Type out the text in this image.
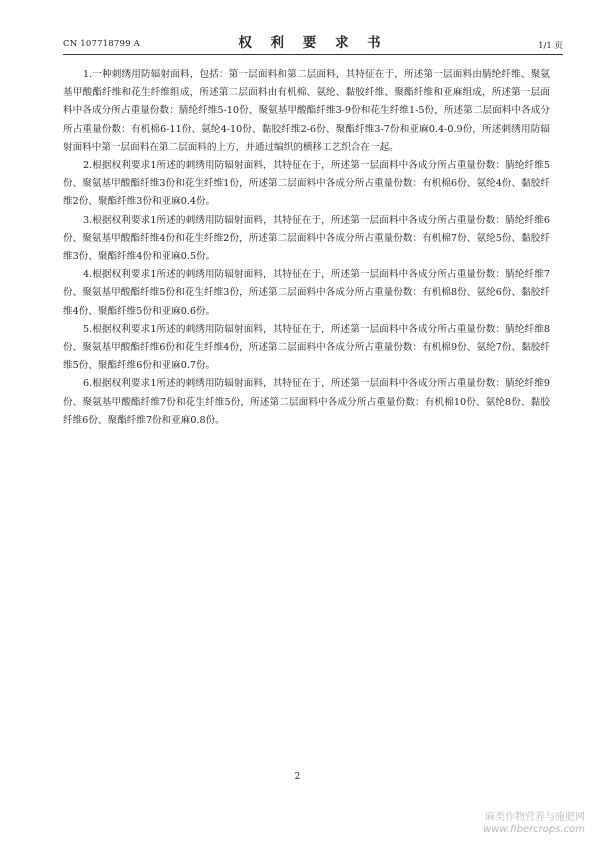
CN 107718799 A	权 利 要 求 书	1/1 页

1.一种刺绣用防辐射面料，包括：第一层面料和第二层面料，其特征在于，所述第一层面料由腈纶纤维、聚氨基甲酸酯纤维和花生纤维组成，所述第二层面料由有机棉、氨纶、黏胶纤维、聚酯纤维和亚麻组成，所述第一层面料中各成分所占重量份数：腈纶纤维5-10份、聚氨基甲酸酯纤维3-9份和花生纤维1-5份，所述第二层面料中各成分所占重量份数：有机棉6-11份、氨纶4-10份、黏胶纤维2-6份、聚酯纤维3-7份和亚麻0.4-0.9份，所述刺绣用防辐射面料中第一层面料在第二层面料的上方，并通过编织的横移工艺织合在一起。

2.根据权利要求1所述的刺绣用防辐射面料，其特征在于，所述第一层面料中各成分所占重量份数：腈纶纤维5份、聚氨基甲酸酯纤维3份和花生纤维1份，所述第二层面料中各成分所占重量份数：有机棉6份、氨纶4份、黏胶纤维2份、聚酯纤维3份和亚麻0.4份。

3.根据权利要求1所述的刺绣用防辐射面料，其特征在于，所述第一层面料中各成分所占重量份数：腈纶纤维6份、聚氨基甲酸酯纤维4份和花生纤维2份，所述第二层面料中各成分所占重量份数：有机棉7份、氨纶5份、黏胶纤维3份、聚酯纤维4份和亚麻0.5份。

4.根据权利要求1所述的刺绣用防辐射面料，其特征在于，所述第一层面料中各成分所占重量份数：腈纶纤维7份、聚氨基甲酸酯纤维5份和花生纤维3份，所述第二层面料中各成分所占重量份数：有机棉8份、氨纶6份、黏胶纤维4份、聚酯纤维5份和亚麻0.6份。

5.根据权利要求1所述的刺绣用防辐射面料，其特征在于，所述第一层面料中各成分所占重量份数：腈纶纤维8份、聚氨基甲酸酯纤维6份和花生纤维4份，所述第二层面料中各成分所占重量份数：有机棉9份、氨纶7份、黏胶纤维5份、聚酯纤维6份和亚麻0.7份。

6.根据权利要求1所述的刺绣用防辐射面料，其特征在于，所述第一层面料中各成分所占重量份数：腈纶纤维9份、聚氨基甲酸酯纤维7份和花生纤维5份，所述第二层面料中各成分所占重量份数：有机棉10份、氨纶8份、黏胶纤维6份、聚酯纤维7份和亚麻0.8份。

2
麻类作物营养与施肥网
www.fibercrops.com
